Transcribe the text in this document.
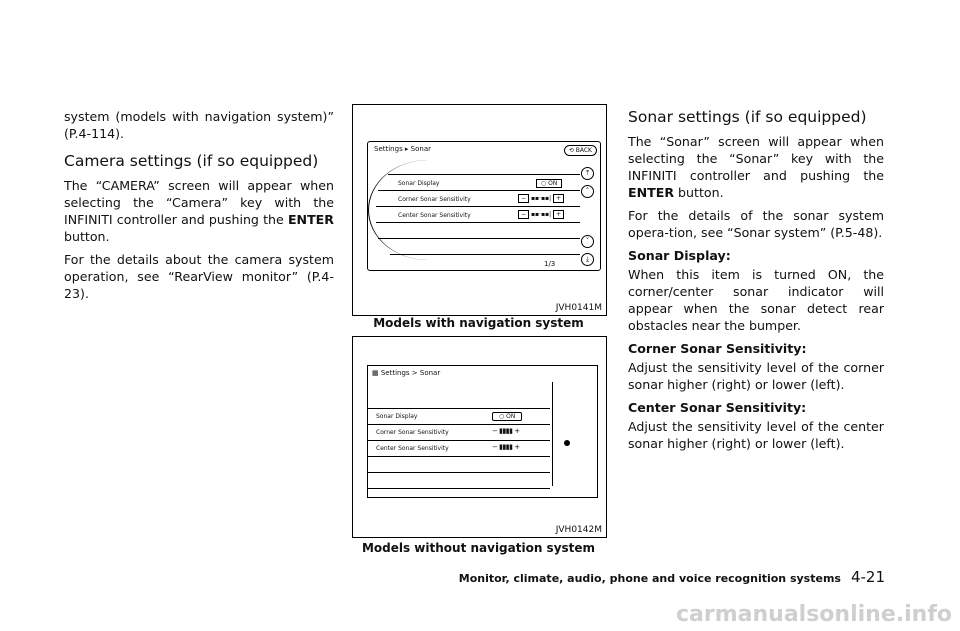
system (models with navigation system)” (P.4-114).

Camera settings (if so equipped)

The “CAMERA” screen will appear when selecting the “Camera” key with the INFINITI controller and pushing the ENTER button.

For the details about the camera system operation, see “RearView monitor” (P.4-23).

Settings ▸ Sonar	⟲ BACK
Sonar Display
Corner Sonar Sensitivity
Center Sonar Sensitivity
○ ON
− ▪▪·▪▪| +
− ▪▪·▪▪| +
1/3
⤒
˄
˅
⤓
JVH0141M
Models with navigation system
▦ Settings > Sonar
Sonar Display
Corner Sonar Sensitivity
Center Sonar Sensitivity
○ ON
− ▮▮▮▮ +
− ▮▮▮▮ +
JVH0142M
Models without navigation system

Sonar settings (if so equipped)

The “Sonar” screen will appear when selecting the “Sonar” key with the INFINITI controller and pushing the ENTER button.

For the details of the sonar system opera-tion, see “Sonar system” (P.5-48).

Sonar Display:

When this item is turned ON, the corner/center sonar indicator will appear when the sonar detect rear obstacles near the bumper.

Corner Sonar Sensitivity:

Adjust the sensitivity level of the corner sonar higher (right) or lower (left).

Center Sonar Sensitivity:

Adjust the sensitivity level of the center sonar higher (right) or lower (left).

Monitor, climate, audio, phone and voice recognition systems 4-21
carmanualsonline.info
